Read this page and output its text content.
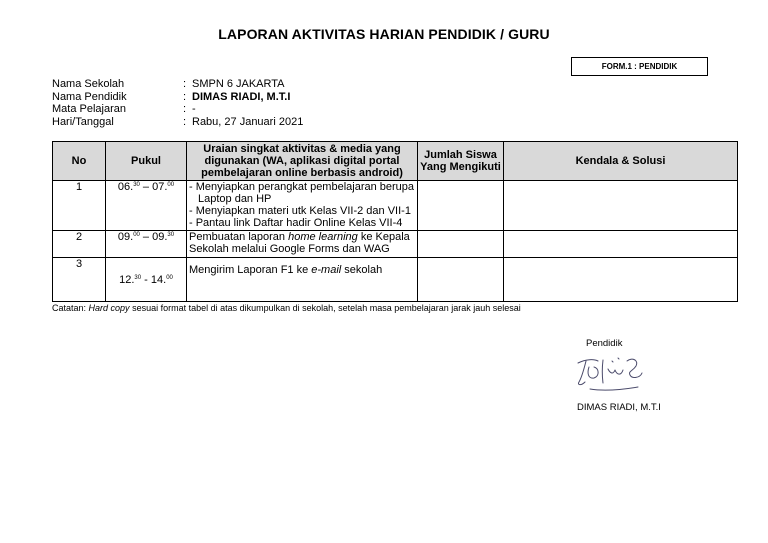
LAPORAN AKTIVITAS HARIAN PENDIDIK / GURU
FORM.1 : PENDIDIK
Nama Sekolah	: SMPN 6 JAKARTA
Nama Pendidik	: DIMAS RIADI, M.T.I
Mata Pelajaran	: -
Hari/Tanggal	: Rabu, 27 Januari 2021
No	Pukul	Uraian singkat aktivitas & media yang digunakan (WA, aplikasi digital portal pembelajaran online berbasis android)	Jumlah Siswa Yang Mengikuti	Kendala & Solusi
1	06.30 – 07.00	- Menyiapkan perangkat pembelajaran berupa Laptop dan HP
- Menyiapkan materi utk Kelas VII-2 dan VII-1
- Pantau link Daftar hadir Online Kelas VII-4		

2	09.00 – 09.30	Pembuatan laporan home learning ke Kepala Sekolah melalui Google Forms dan WAG		
3	12.30 - 14.00	Mengirim Laporan F1 ke e-mail sekolah		
Catatan: Hard copy sesuai format tabel di atas dikumpulkan di sekolah, setelah masa pembelajaran jarak jauh selesai
Pendidik
DIMAS RIADI, M.T.I
